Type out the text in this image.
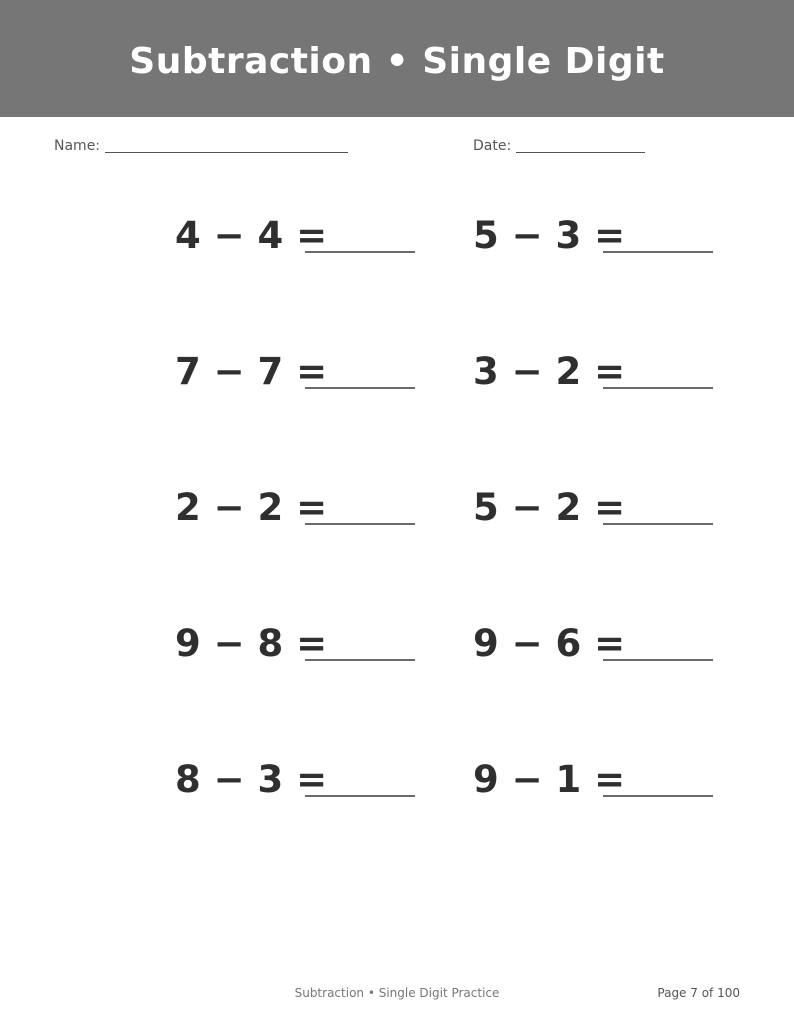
Subtraction • Single Digit
Name:	Date:
4 − 4 =	5 − 3 =
7 − 7 =	3 − 2 =
2 − 2 =	5 − 2 =
9 − 8 =	9 − 6 =
8 − 3 =	9 − 1 =
Subtraction • Single Digit Practice	Page 7 of 100
